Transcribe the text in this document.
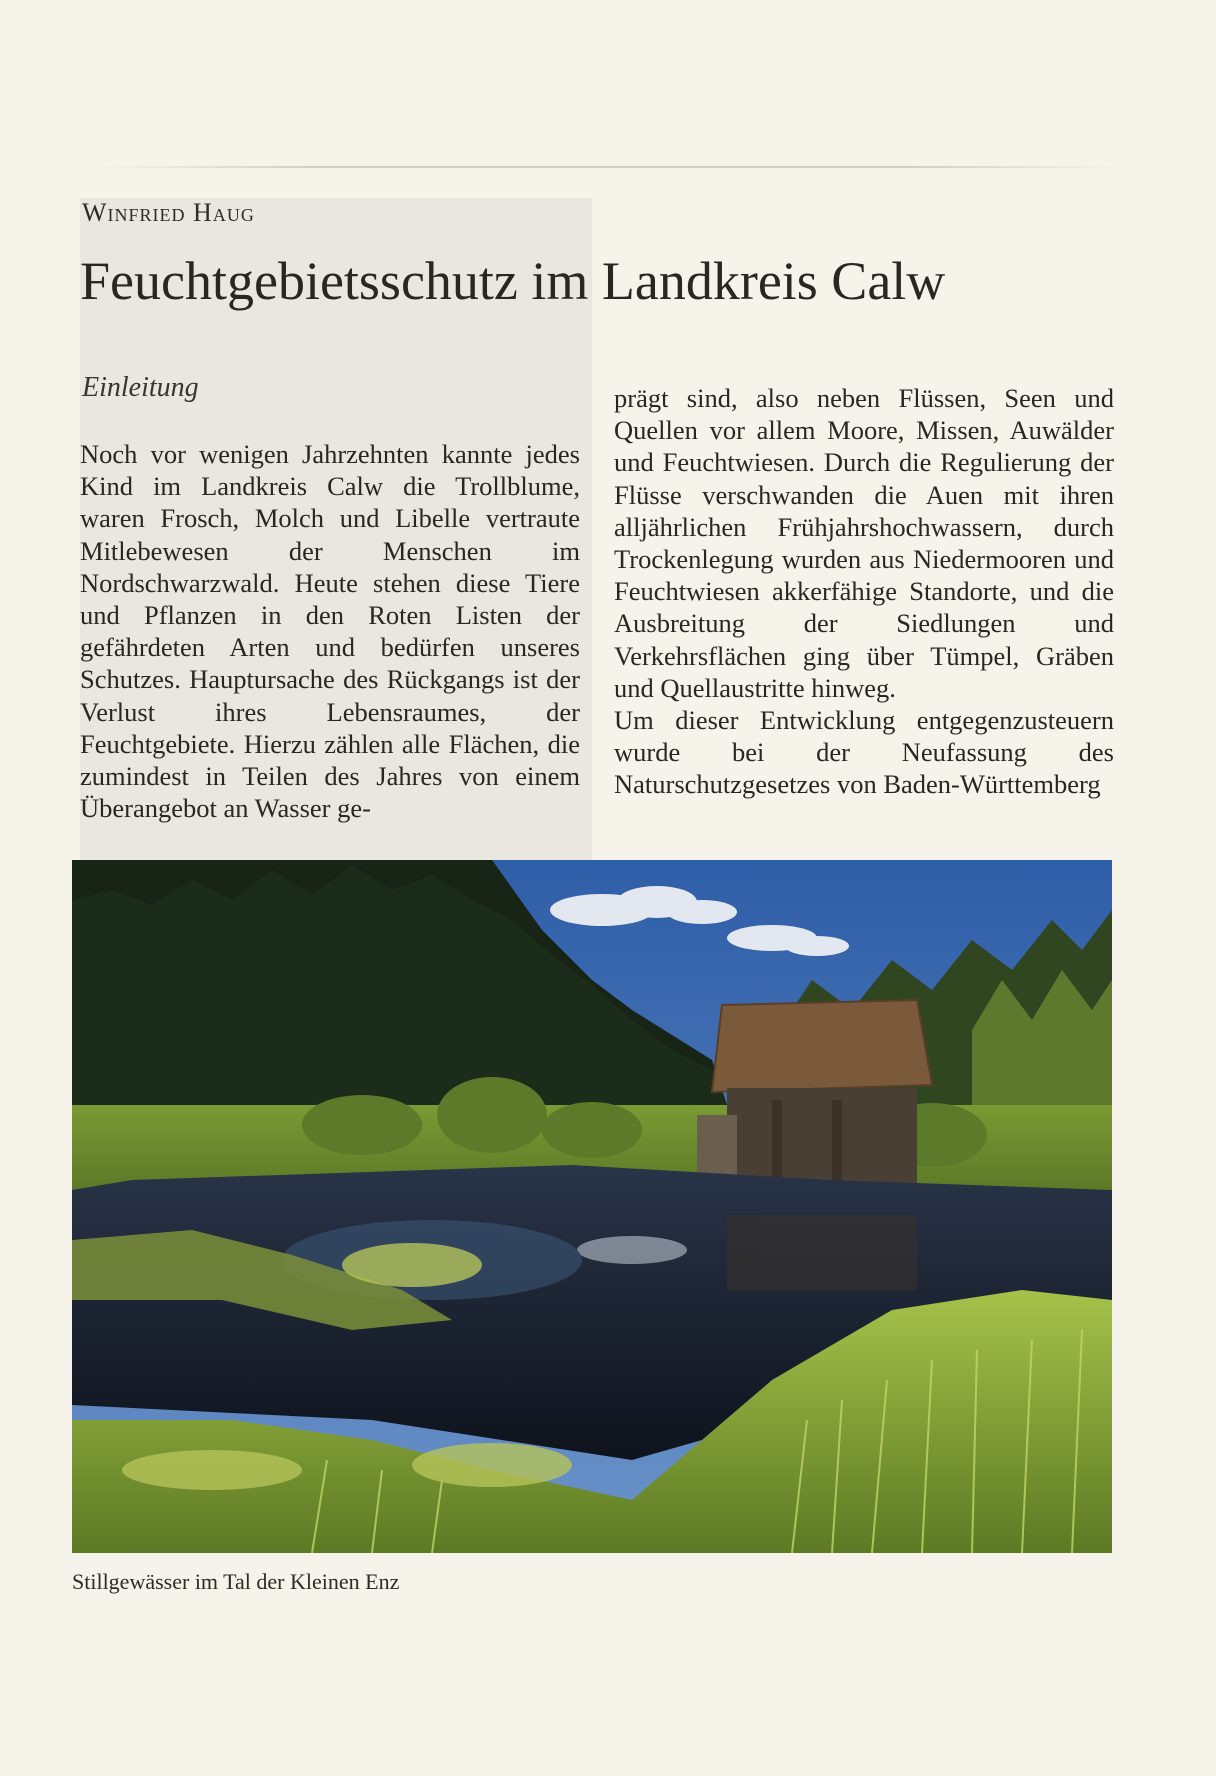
Winfried Haug
Feuchtgebietsschutz im Landkreis Calw
Einleitung

Noch vor wenigen Jahrzehnten kannte jedes Kind im Landkreis Calw die Trollblume, waren Frosch, Molch und Libelle vertraute Mitlebewesen der Menschen im Nordschwarzwald. Heute stehen diese Tiere und Pflanzen in den Roten Listen der gefährdeten Arten und bedürfen unseres Schutzes. Hauptursache des Rückgangs ist der Verlust ihres Lebensraumes, der Feuchtgebiete. Hierzu zählen alle Flächen, die zumindest in Teilen des Jahres von einem Überangebot an Wasser ge-

prägt sind, also neben Flüssen, Seen und Quellen vor allem Moore, Missen, Auwälder und Feuchtwiesen. Durch die Regulierung der Flüsse verschwanden die Auen mit ihren alljährlichen Frühjahrshochwassern, durch Trockenlegung wurden aus Niedermooren und Feuchtwiesen akkerfähige Standorte, und die Ausbreitung der Siedlungen und Verkehrsflächen ging über Tümpel, Gräben und Quellaustritte hinweg.

Um dieser Entwicklung entgegenzusteuern wurde bei der Neufassung des Naturschutzgesetzes von Baden-Württemberg

Stillgewässer im Tal der Kleinen Enz
